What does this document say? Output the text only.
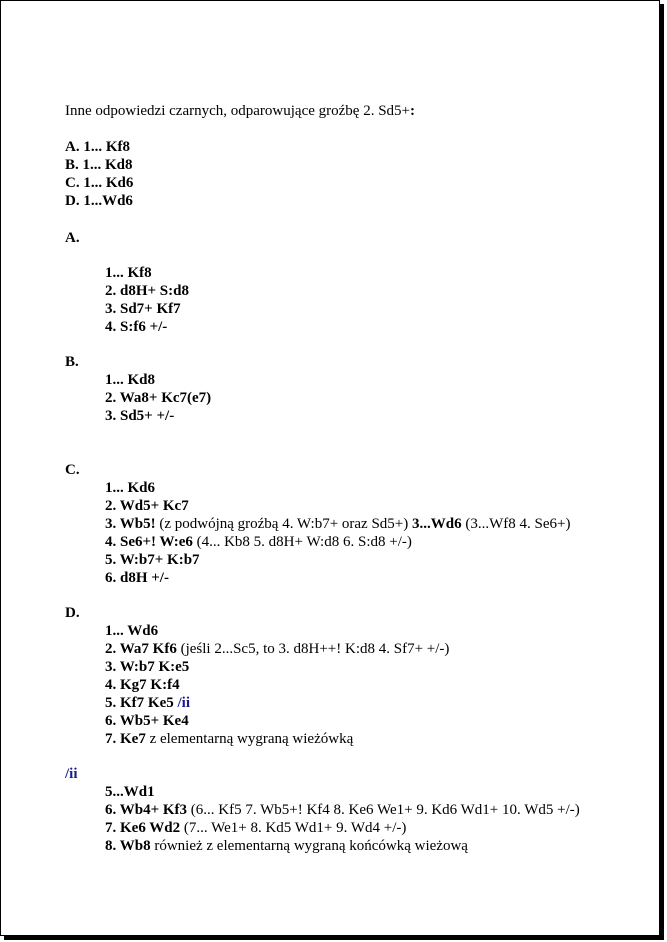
Inne odpowiedzi czarnych, odparowujące groźbę 2. Sd5+:
A. 1... Kf8
B. 1... Kd8
C. 1... Kd6
D. 1...Wd6
A.
1... Kf8
2. d8H+ S:d8
3. Sd7+ Kf7
4. S:f6 +/-
B.
1... Kd8
2. Wa8+ Kc7(e7)
3. Sd5+ +/-
C.
1... Kd6
2. Wd5+ Kc7
3. Wb5! (z podwójną groźbą 4. W:b7+ oraz Sd5+) 3...Wd6 (3...Wf8 4. Se6+)
4. Se6+! W:e6 (4... Kb8 5. d8H+ W:d8 6. S:d8 +/-)
5. W:b7+ K:b7
6. d8H +/-
D.
1... Wd6
2. Wa7 Kf6 (jeśli 2...Sc5, to 3. d8H++! K:d8 4. Sf7+ +/-)
3. W:b7 K:e5
4. Kg7 K:f4
5. Kf7 Ke5 /ii
6. Wb5+ Ke4
7. Ke7 z elementarną wygraną wieżówką
/ii
5...Wd1
6. Wb4+ Kf3 (6... Kf5 7. Wb5+! Kf4 8. Ke6 We1+ 9. Kd6 Wd1+ 10. Wd5 +/-)
7. Ke6 Wd2 (7... We1+ 8. Kd5 Wd1+ 9. Wd4 +/-)
8. Wb8 również z elementarną wygraną końcówką wieżową
